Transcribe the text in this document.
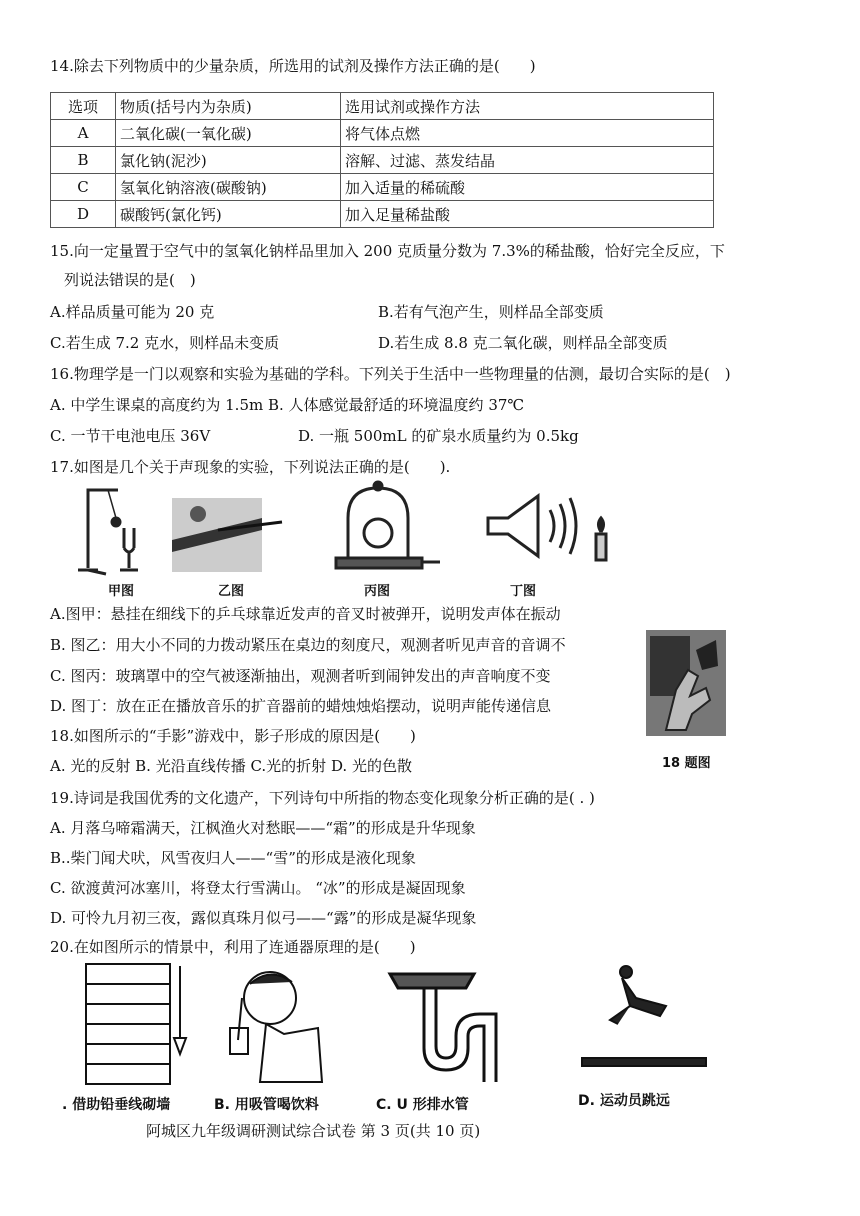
14.除去下列物质中的少量杂质，所选用的试剂及操作方法正确的是(　　)
选项	物质(括号内为杂质)	选用试剂或操作方法
A	二氧化碳(一氧化碳)	将气体点燃
B	氯化钠(泥沙)	溶解、过滤、蒸发结晶
C	氢氧化钠溶液(碳酸钠)	加入适量的稀硫酸
D	碳酸钙(氯化钙)	加入足量稀盐酸
15.向一定量置于空气中的氢氧化钠样品里加入 200 克质量分数为 7.3%的稀盐酸，恰好完全反应，下
列说法错误的是(　)
A.样品质量可能为 20 克	B.若有气泡产生，则样品全部变质
C.若生成 7.2 克水，则样品未变质	D.若生成 8.8 克二氧化碳，则样品全部变质
16.物理学是一门以观察和实验为基础的学科。下列关于生活中一些物理量的估测，最切合实际的是(　)
A. 中学生课桌的高度约为 1.5m B. 人体感觉最舒适的环境温度约 37℃
C. 一节干电池电压 36V	D. 一瓶 500mL 的矿泉水质量约为 0.5kg
17.如图是几个关于声现象的实验，下列说法正确的是(　　).
甲图	乙图	丙图	丁图
A.图甲：悬挂在细线下的乒乓球靠近发声的音叉时被弹开，说明发声体在振动
B. 图乙：用大小不同的力拨动紧压在桌边的刻度尺，观测者听见声音的音调不
C. 图丙：玻璃罩中的空气被逐渐抽出，观测者听到闹钟发出的声音响度不变
D. 图丁：放在正在播放音乐的扩音器前的蜡烛烛焰摆动，说明声能传递信息
18 题图
18.如图所示的“手影”游戏中，影子形成的原因是(　　)
A. 光的反射 B. 光沿直线传播 C.光的折射 D. 光的色散
19.诗词是我国优秀的文化遗产，下列诗句中所指的物态变化现象分析正确的是( . )
A. 月落乌啼霜满天，江枫渔火对愁眠——“霜”的形成是升华现象
B..柴门闻犬吠，风雪夜归人——“雪”的形成是液化现象
C. 欲渡黄河冰塞川，将登太行雪满山。 “冰”的形成是凝固现象
D. 可怜九月初三夜，露似真珠月似弓——“露”的形成是凝华现象
20.在如图所示的情景中，利用了连通器原理的是(　　)
. 借助铅垂线砌墙	B. 用吸管喝饮料	C. U 形排水管	D. 运动员跳远
阿城区九年级调研测试综合试卷 第 3 页(共 10 页)
